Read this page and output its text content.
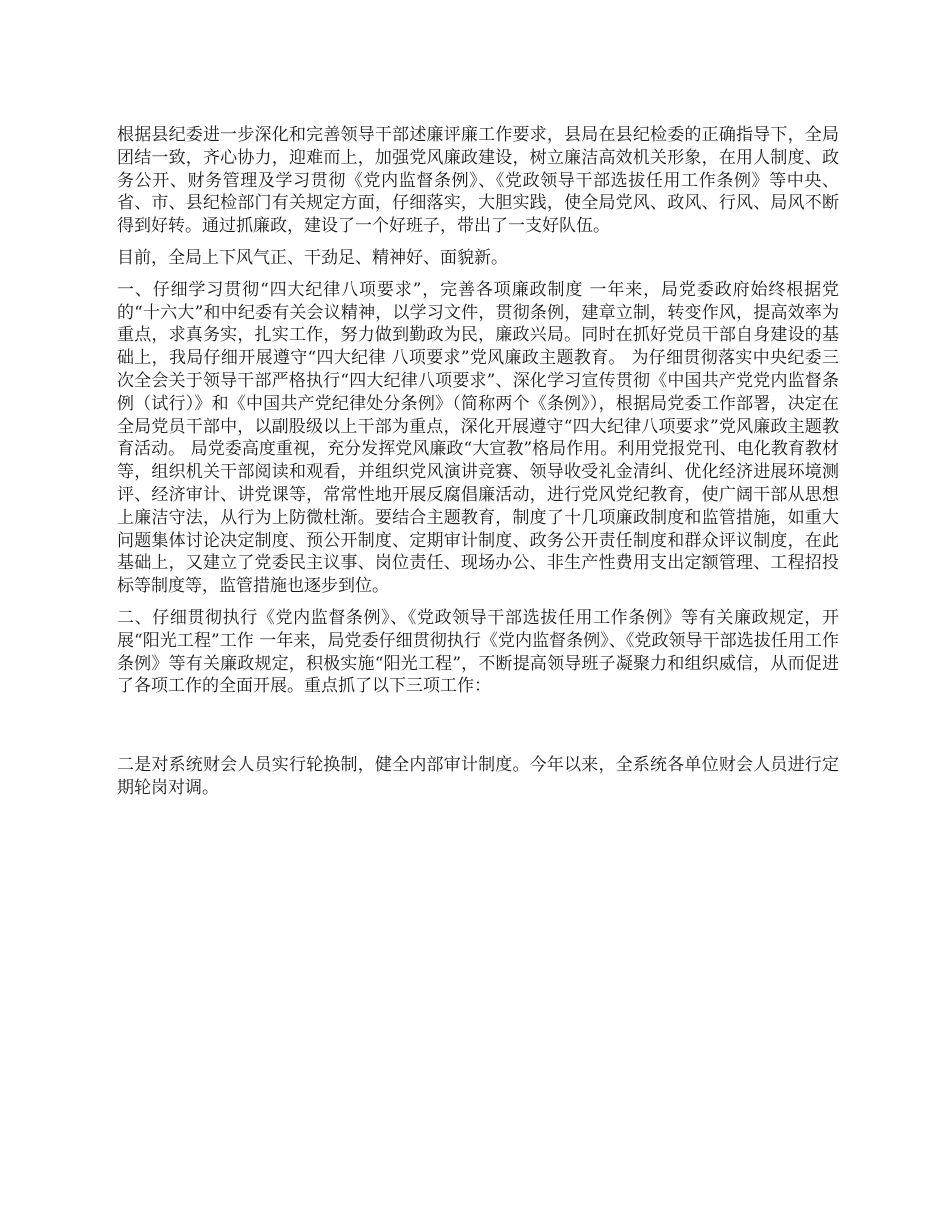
根据县纪委进一步深化和完善领导干部述廉评廉工作要求，县局在县纪检委的正确指导下，全局团结一致，齐心协力，迎难而上，加强党风廉政建设，树立廉洁高效机关形象，在用人制度、政务公开、财务管理及学习贯彻《党内监督条例》、《党政领导干部选拔任用工作条例》等中央、省、市、县纪检部门有关规定方面，仔细落实，大胆实践，使全局党风、政风、行风、局风不断得到好转。通过抓廉政，建设了一个好班子，带出了一支好队伍。

目前，全局上下风气正、干劲足、精神好、面貌新。

一、仔细学习贯彻“四大纪律八项要求”，完善各项廉政制度 一年来，局党委政府始终根据党的“十六大”和中纪委有关会议精神，以学习文件，贯彻条例，建章立制，转变作风，提高效率为重点，求真务实，扎实工作，努力做到勤政为民，廉政兴局。同时在抓好党员干部自身建设的基础上，我局仔细开展遵守“四大纪律 八项要求”党风廉政主题教育。 为仔细贯彻落实中央纪委三次全会关于领导干部严格执行“四大纪律八项要求”、深化学习宣传贯彻《中国共产党党内监督条例（试行）》和《中国共产党纪律处分条例》（简称两个《条例》），根据局党委工作部署，决定在全局党员干部中，以副股级以上干部为重点，深化开展遵守“四大纪律八项要求”党风廉政主题教育活动。 局党委高度重视，充分发挥党风廉政“大宣教”格局作用。利用党报党刊、电化教育教材等，组织机关干部阅读和观看，并组织党风演讲竞赛、领导收受礼金清纠、优化经济进展环境测评、经济审计、讲党课等，常常性地开展反腐倡廉活动，进行党风党纪教育，使广阔干部从思想上廉洁守法，从行为上防微杜渐。要结合主题教育，制度了十几项廉政制度和监管措施，如重大问题集体讨论决定制度、预公开制度、定期审计制度、政务公开责任制度和群众评议制度，在此基础上，又建立了党委民主议事、岗位责任、现场办公、非生产性费用支出定额管理、工程招投标等制度等，监管措施也逐步到位。

二、仔细贯彻执行《党内监督条例》、《党政领导干部选拔任用工作条例》等有关廉政规定，开展“阳光工程”工作 一年来，局党委仔细贯彻执行《党内监督条例》、《党政领导干部选拔任用工作条例》等有关廉政规定，积极实施“阳光工程”，不断提高领导班子凝聚力和组织威信，从而促进了各项工作的全面开展。重点抓了以下三项工作：

二是对系统财会人员实行轮换制，健全内部审计制度。今年以来，全系统各单位财会人员进行定期轮岗对调。
